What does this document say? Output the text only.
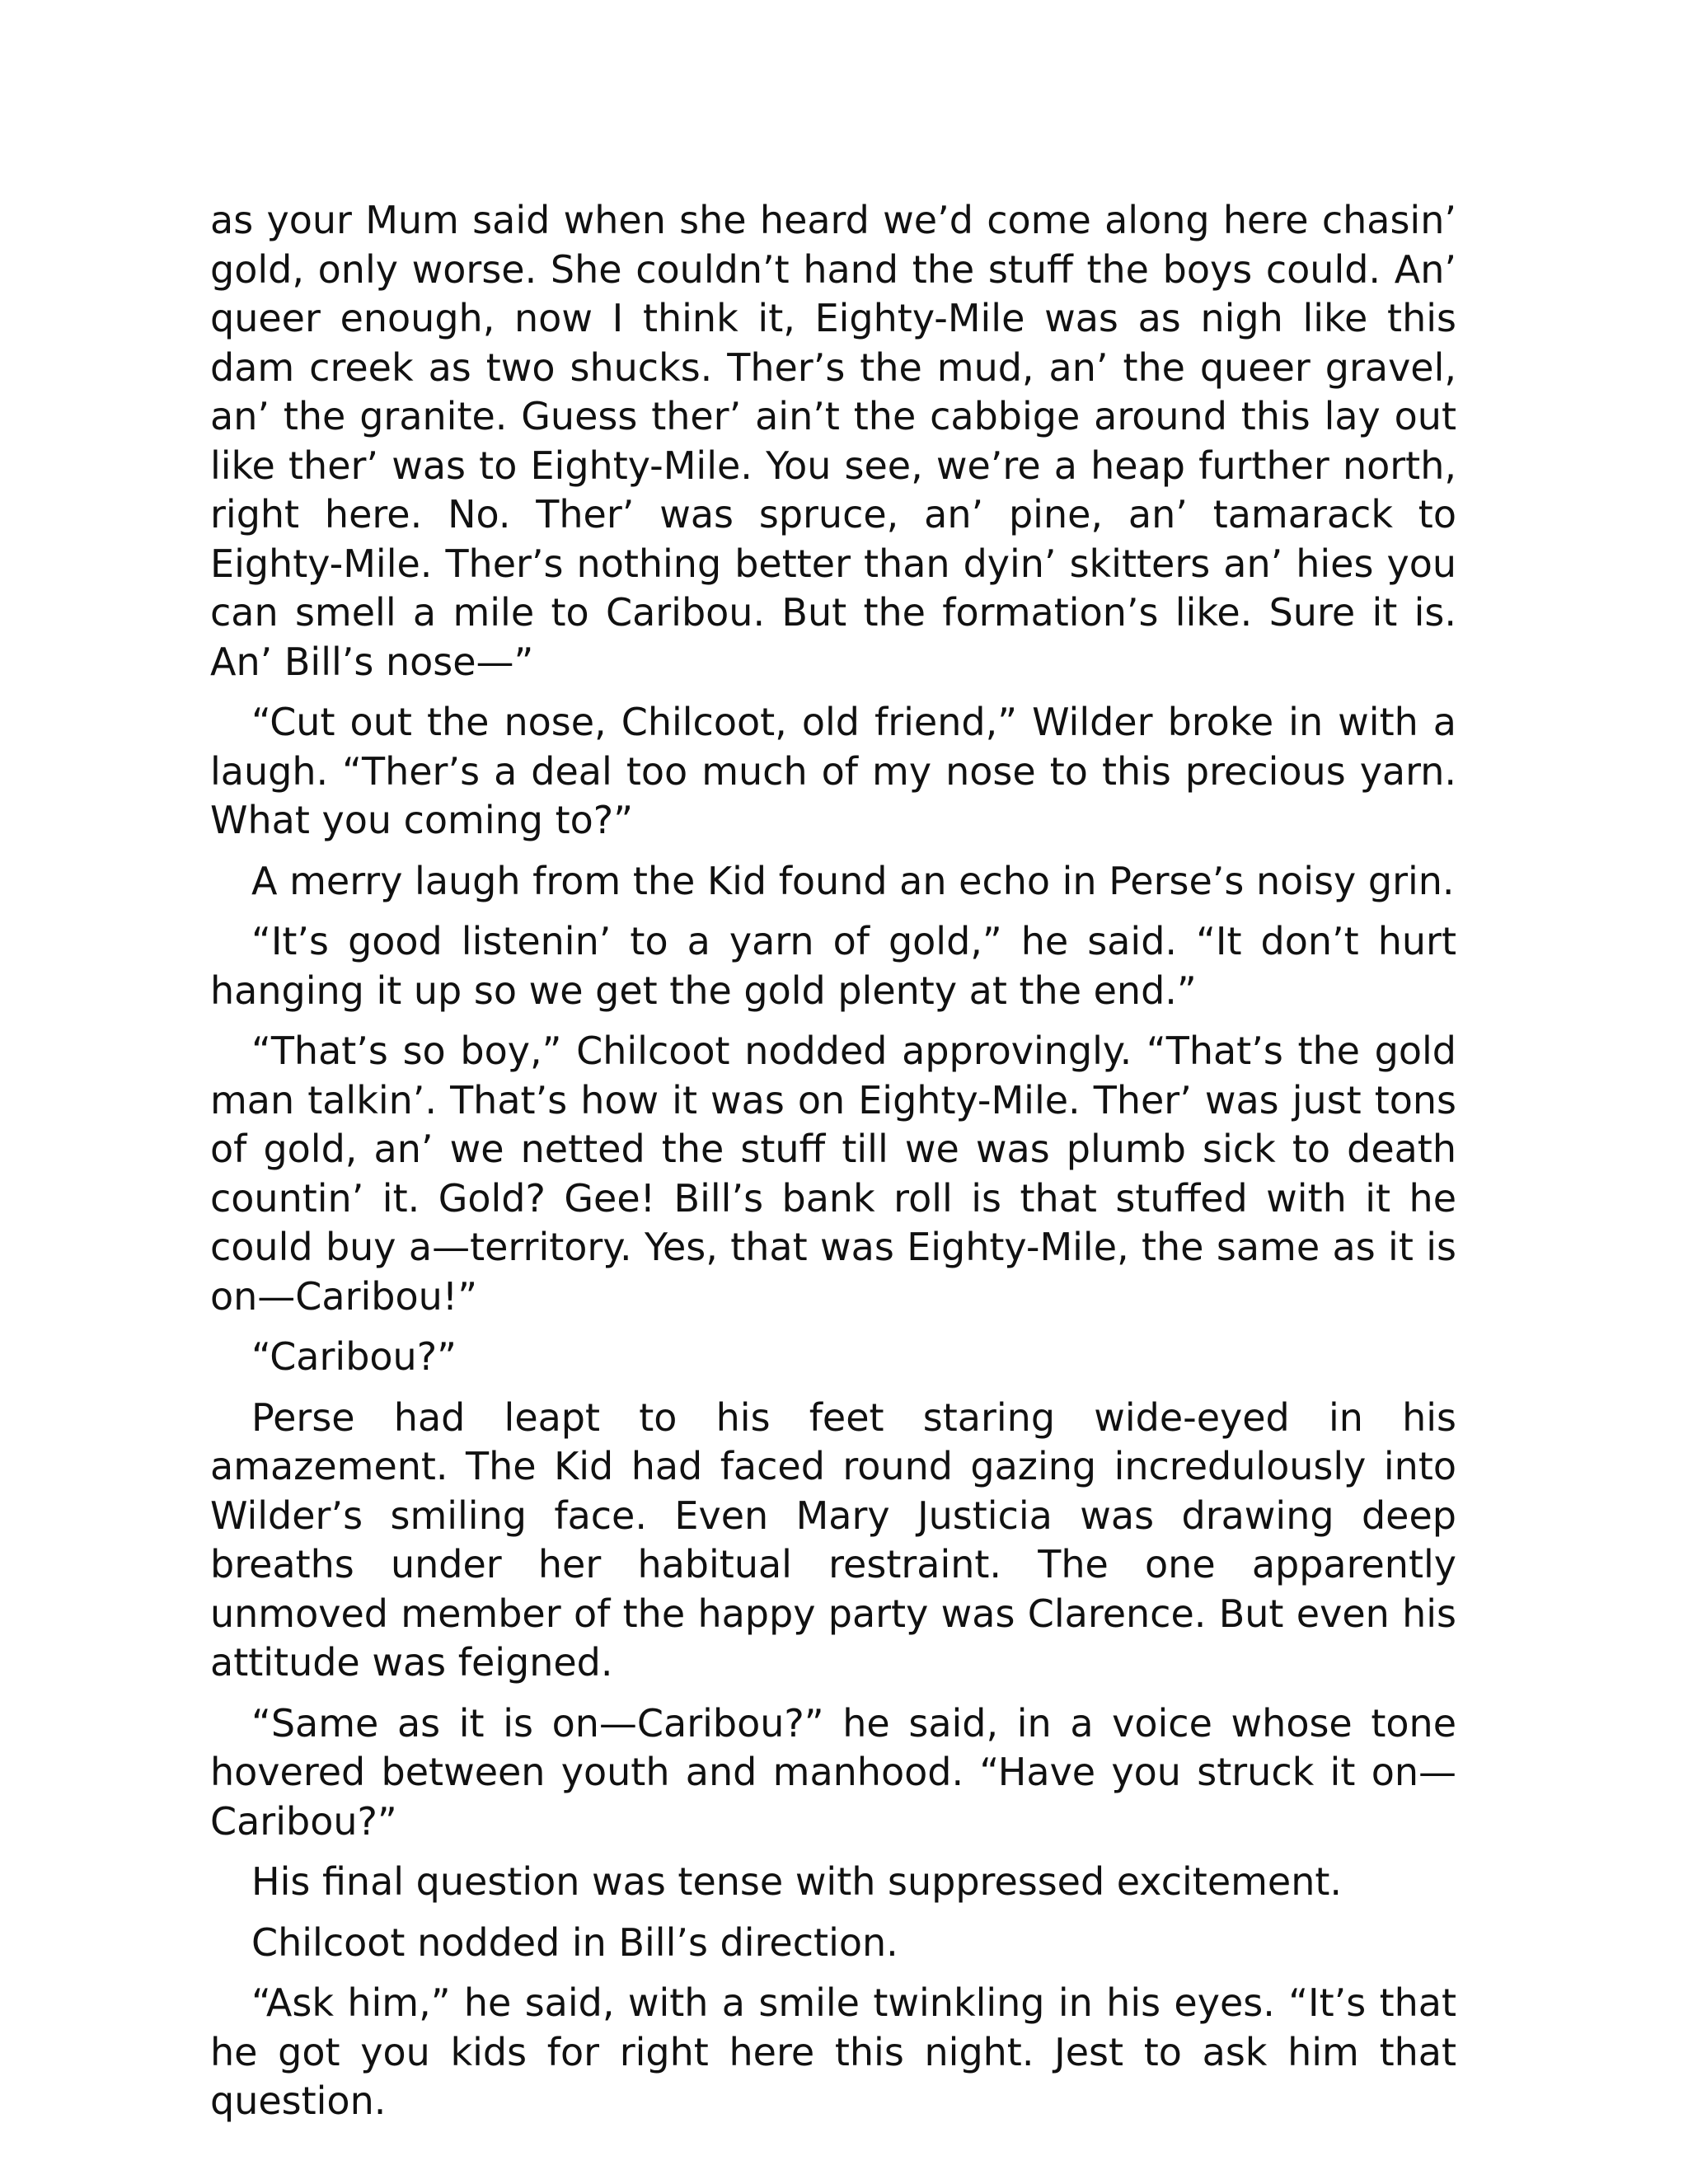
as your Mum said when she heard we’d come along here chasin’ gold, only worse. She couldn’t hand the stuff the boys could. An’ queer enough, now I think it, Eighty-Mile was as nigh like this dam creek as two shucks. Ther’s the mud, an’ the queer gravel, an’ the granite. Guess ther’ ain’t the cabbige around this lay out like ther’ was to Eighty-Mile. You see, we’re a heap further north, right here. No. Ther’ was spruce, an’ pine, an’ tamarack to Eighty-Mile. Ther’s nothing better than dyin’ skitters an’ hies you can smell a mile to Caribou. But the formation’s like. Sure it is. An’ Bill’s nose—”

“Cut out the nose, Chilcoot, old friend,” Wilder broke in with a laugh. “Ther’s a deal too much of my nose to this precious yarn. What you coming to?”

A merry laugh from the Kid found an echo in Perse’s noisy grin.

“It’s good listenin’ to a yarn of gold,” he said. “It don’t hurt hanging it up so we get the gold plenty at the end.”

“That’s so boy,” Chilcoot nodded approvingly. “That’s the gold man talkin’. That’s how it was on Eighty-Mile. Ther’ was just tons of gold, an’ we netted the stuff till we was plumb sick to death countin’ it. Gold? Gee! Bill’s bank roll is that stuffed with it he could buy a—territory. Yes, that was Eighty-Mile, the same as it is on—Caribou!”

“Caribou?”

Perse had leapt to his feet staring wide-eyed in his amazement. The Kid had faced round gazing incredulously into Wilder’s smiling face. Even Mary Justicia was drawing deep breaths under her habitual restraint. The one apparently unmoved member of the happy party was Clarence. But even his attitude was feigned.

“Same as it is on—Caribou?” he said, in a voice whose tone hovered between youth and manhood. “Have you struck it on—Caribou?”

His final question was tense with suppressed excitement.

Chilcoot nodded in Bill’s direction.

“Ask him,” he said, with a smile twinkling in his eyes. “It’s that he got you kids for right here this night. Jest to ask him that question.
